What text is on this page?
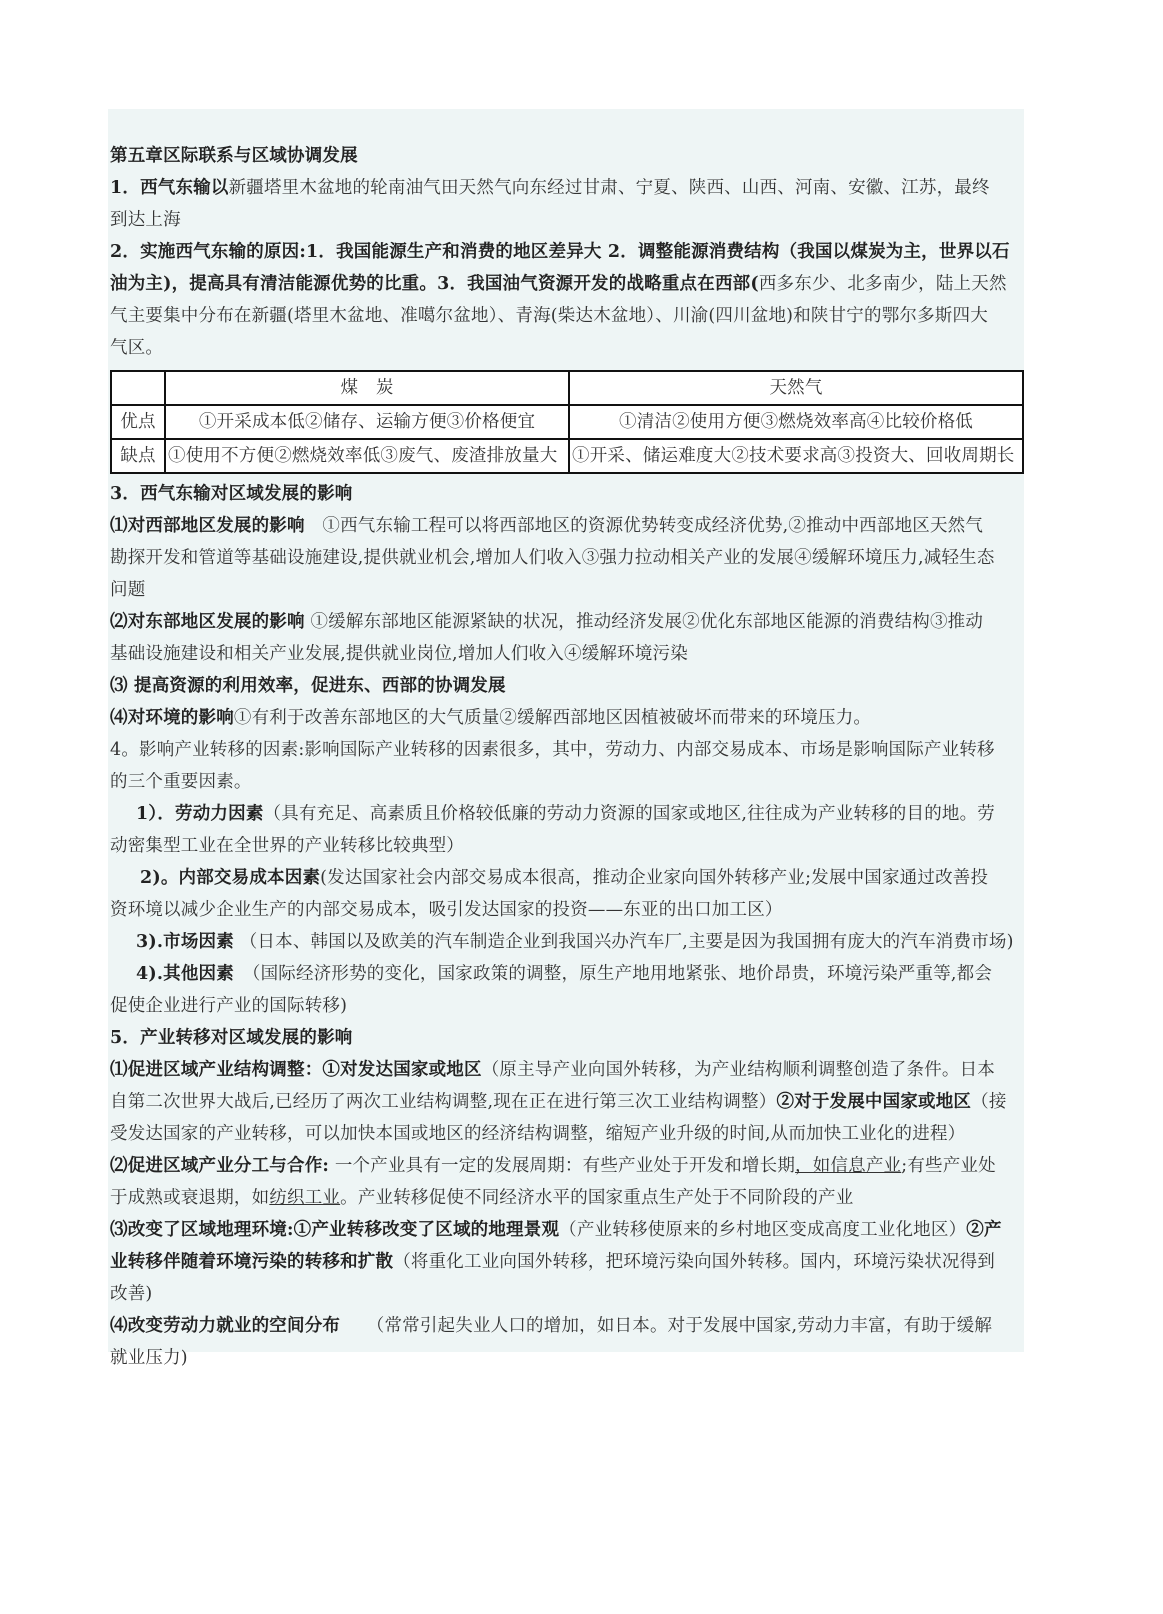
第五章区际联系与区域协调发展
1．西气东输以新疆塔里木盆地的轮南油气田天然气向东经过甘肃、宁夏、陕西、山西、河南、安徽、江苏，最终
到达上海
2．实施西气东输的原因:1．我国能源生产和消费的地区差异大 2．调整能源消费结构（我国以煤炭为主，世界以石
油为主)，提高具有清洁能源优势的比重。3．我国油气资源开发的战略重点在西部(西多东少、北多南少，陆上天然
气主要集中分布在新疆(塔里木盆地、准噶尔盆地）、青海(柴达木盆地）、川渝(四川盆地)和陕甘宁的鄂尔多斯四大
气区。
	煤　炭	天然气
优点	①开采成本低②储存、运输方便③价格便宜	①清洁②使用方便③燃烧效率高④比较价格低
缺点	①使用不方便②燃烧效率低③废气、废渣排放量大	①开采、储运难度大②技术要求高③投资大、回收周期长
3．西气东输对区域发展的影响
⑴对西部地区发展的影响　①西气东输工程可以将西部地区的资源优势转变成经济优势,②推动中西部地区天然气
勘探开发和管道等基础设施建设,提供就业机会,增加人们收入③强力拉动相关产业的发展④缓解环境压力,减轻生态
问题
⑵对东部地区发展的影响 ①缓解东部地区能源紧缺的状况，推动经济发展②优化东部地区能源的消费结构③推动
基础设施建设和相关产业发展,提供就业岗位,增加人们收入④缓解环境污染
⑶ 提高资源的利用效率，促进东、西部的协调发展
⑷对环境的影响①有利于改善东部地区的大气质量②缓解西部地区因植被破坏而带来的环境压力。
4。影响产业转移的因素:影响国际产业转移的因素很多，其中，劳动力、内部交易成本、市场是影响国际产业转移
的三个重要因素。
1）．劳动力因素（具有充足、高素质且价格较低廉的劳动力资源的国家或地区,往往成为产业转移的目的地。劳
动密集型工业在全世界的产业转移比较典型）
2)。内部交易成本因素(发达国家社会内部交易成本很高，推动企业家向国外转移产业;发展中国家通过改善投
资环境以减少企业生产的内部交易成本，吸引发达国家的投资——东亚的出口加工区）
3).市场因素 （日本、韩国以及欧美的汽车制造企业到我国兴办汽车厂,主要是因为我国拥有庞大的汽车消费市场)
4).其他因素　（国际经济形势的变化，国家政策的调整，原生产地用地紧张、地价昂贵，环境污染严重等,都会
促使企业进行产业的国际转移)
5．产业转移对区域发展的影响
⑴促进区域产业结构调整：①对发达国家或地区（原主导产业向国外转移，为产业结构顺利调整创造了条件。日本
自第二次世界大战后,已经历了两次工业结构调整,现在正在进行第三次工业结构调整）②对于发展中国家或地区（接
受发达国家的产业转移，可以加快本国或地区的经济结构调整，缩短产业升级的时间,从而加快工业化的进程）
⑵促进区域产业分工与合作: 一个产业具有一定的发展周期：有些产业处于开发和增长期，如信息产业;有些产业处
于成熟或衰退期，如纺织工业。产业转移促使不同经济水平的国家重点生产处于不同阶段的产业
⑶改变了区域地理环境:①产业转移改变了区域的地理景观（产业转移使原来的乡村地区变成高度工业化地区）②产
业转移伴随着环境污染的转移和扩散（将重化工业向国外转移，把环境污染向国外转移。国内，环境污染状况得到
改善)
⑷改变劳动力就业的空间分布　　（常常引起失业人口的增加，如日本。对于发展中国家,劳动力丰富，有助于缓解
就业压力)
